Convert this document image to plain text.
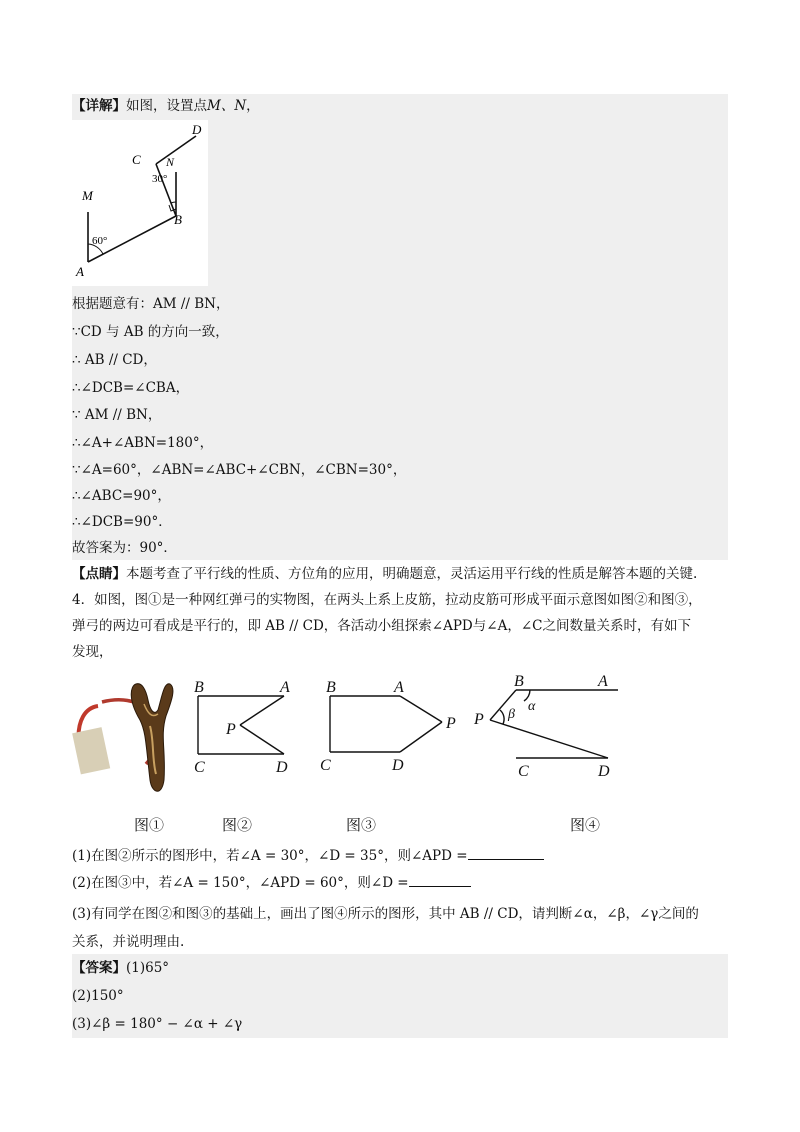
【详解】如图，设置点M、N，
D
C N
30°
M
B
60°
A
根据题意有：AM // BN，
∵CD 与 AB 的方向一致，
∴ AB // CD，
∴∠DCB=∠CBA，
∵ AM // BN，
∴∠A+∠ABN=180°，
∵∠A=60°，∠ABN=∠ABC+∠CBN，∠CBN=30°，
∴∠ABC=90°，
∴∠DCB=90°．
故答案为：90°．
【点睛】本题考查了平行线的性质、方位角的应用，明确题意，灵活运用平行线的性质是解答本题的关键.
4．如图，图①是一种网红弹弓的实物图，在两头上系上皮筋，拉动皮筋可形成平面示意图如图②和图③，
弹弓的两边可看成是平行的，即 AB // CD，各活动小组探索∠APD与∠A，∠C之间数量关系时，有如下
发现，
B	A
P
C	D
B	A
P
C	D
B	A
P β
α
C	D
图①	图②	图③	图④
(1)在图②所示的图形中，若∠A = 30°，∠D = 35°，则∠APD =
(2)在图③中，若∠A = 150°，∠APD = 60°，则∠D =
(3)有同学在图②和图③的基础上，画出了图④所示的图形，其中 AB // CD，请判断∠α，∠β，∠γ之间的
关系，并说明理由.
【答案】(1)65°
(2)150°
(3)∠β = 180° − ∠α + ∠γ
